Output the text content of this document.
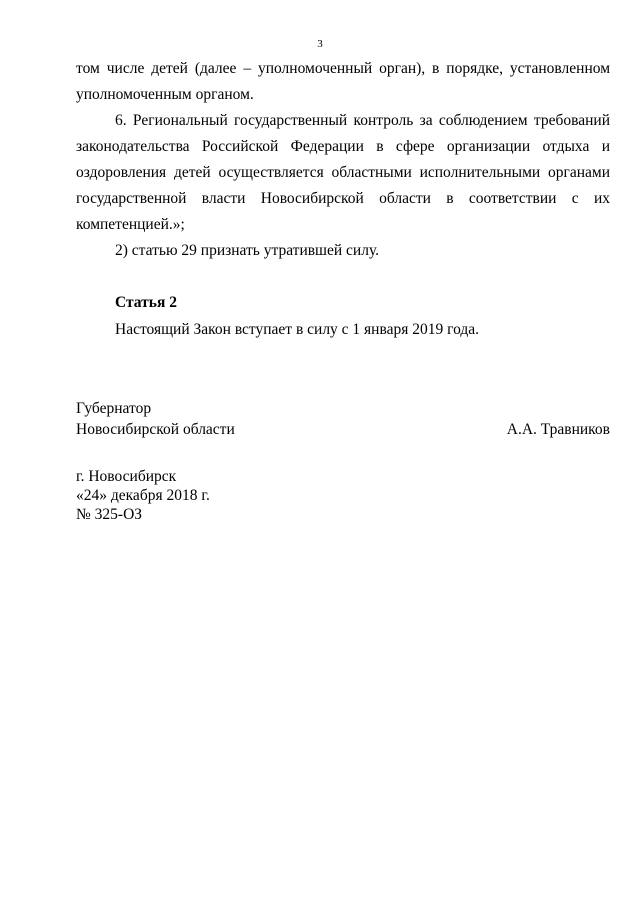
3
том числе детей (далее – уполномоченный орган), в порядке, установленном
уполномоченным органом.
6. Региональный государственный контроль за соблюдением требований
законодательства Российской Федерации в сфере организации отдыха и
оздоровления детей осуществляется областными исполнительными органами
государственной власти Новосибирской области в соответствии с их
компетенцией.»;
2) статью 29 признать утратившей силу.

Статья 2

Настоящий Закон вступает в силу с 1 января 2019 года.

Губернатор
Новосибирской области	А.А. Травников
г. Новосибирск
«24» декабря 2018 г.
№ 325-ОЗ
